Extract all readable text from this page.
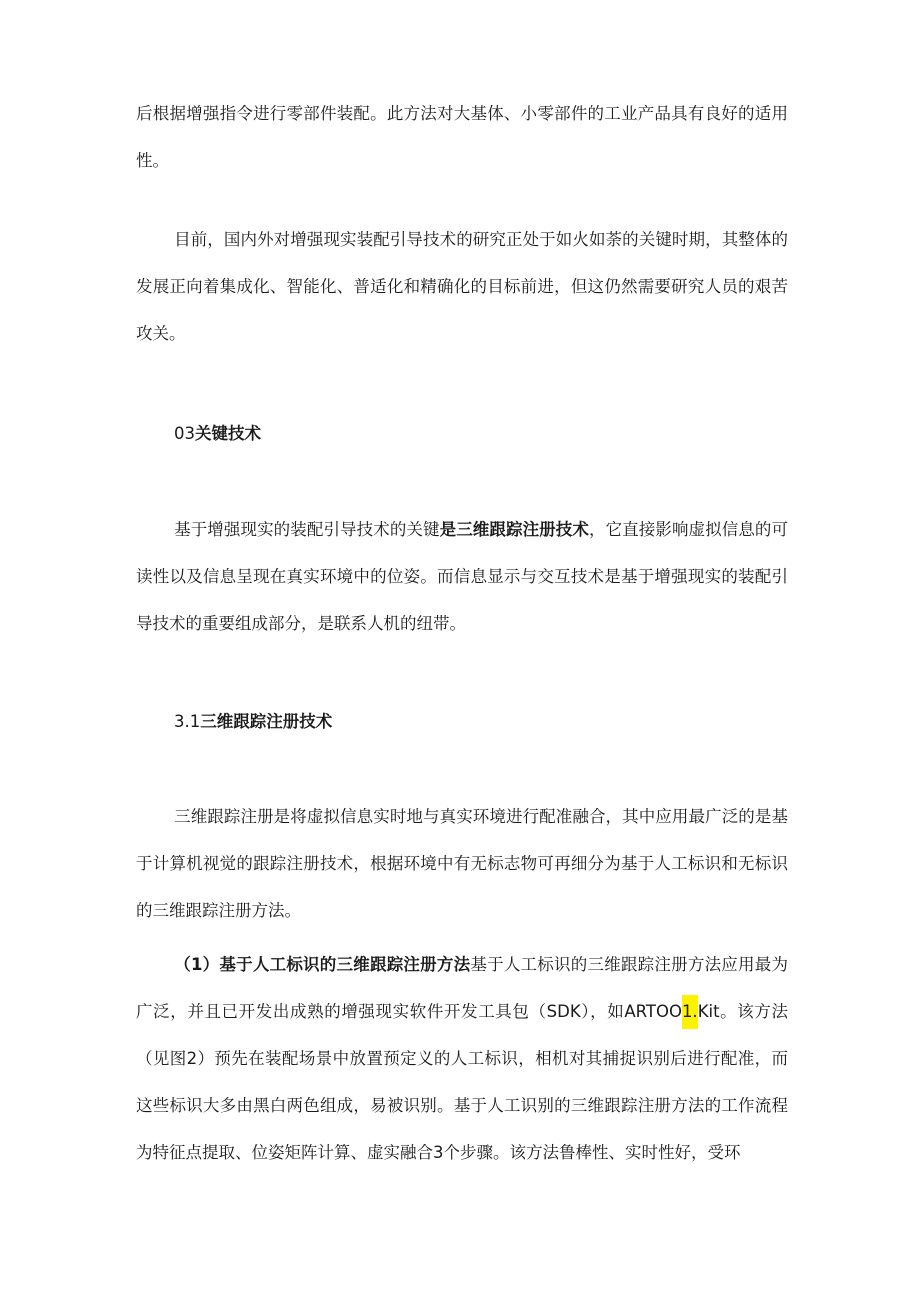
后根据增强指令进行零部件装配。此方法对大基体、小零部件的工业产品具有良好的适用性。

目前，国内外对增强现实装配引导技术的研究正处于如火如荼的关键时期，其整体的发展正向着集成化、智能化、普适化和精确化的目标前进，但这仍然需要研究人员的艰苦攻关。

03关键技术

基于增强现实的装配引导技术的关键是三维跟踪注册技术，它直接影响虚拟信息的可读性以及信息呈现在真实环境中的位姿。而信息显示与交互技术是基于增强现实的装配引导技术的重要组成部分，是联系人机的纽带。

3.1三维跟踪注册技术

三维跟踪注册是将虚拟信息实时地与真实环境进行配准融合，其中应用最广泛的是基于计算机视觉的跟踪注册技术，根据环境中有无标志物可再细分为基于人工标识和无标识的三维跟踪注册方法。

（1）基于人工标识的三维跟踪注册方法基于人工标识的三维跟踪注册方法应用最为广泛，并且已开发出成熟的增强现实软件开发工具包（SDK），如ARTOO1.Kit。该方法（见图2）预先在装配场景中放置预定义的人工标识，相机对其捕捉识别后进行配准，而这些标识大多由黑白两色组成，易被识别。基于人工识别的三维跟踪注册方法的工作流程为特征点提取、位姿矩阵计算、虚实融合3个步骤。该方法鲁棒性、实时性好，受环
